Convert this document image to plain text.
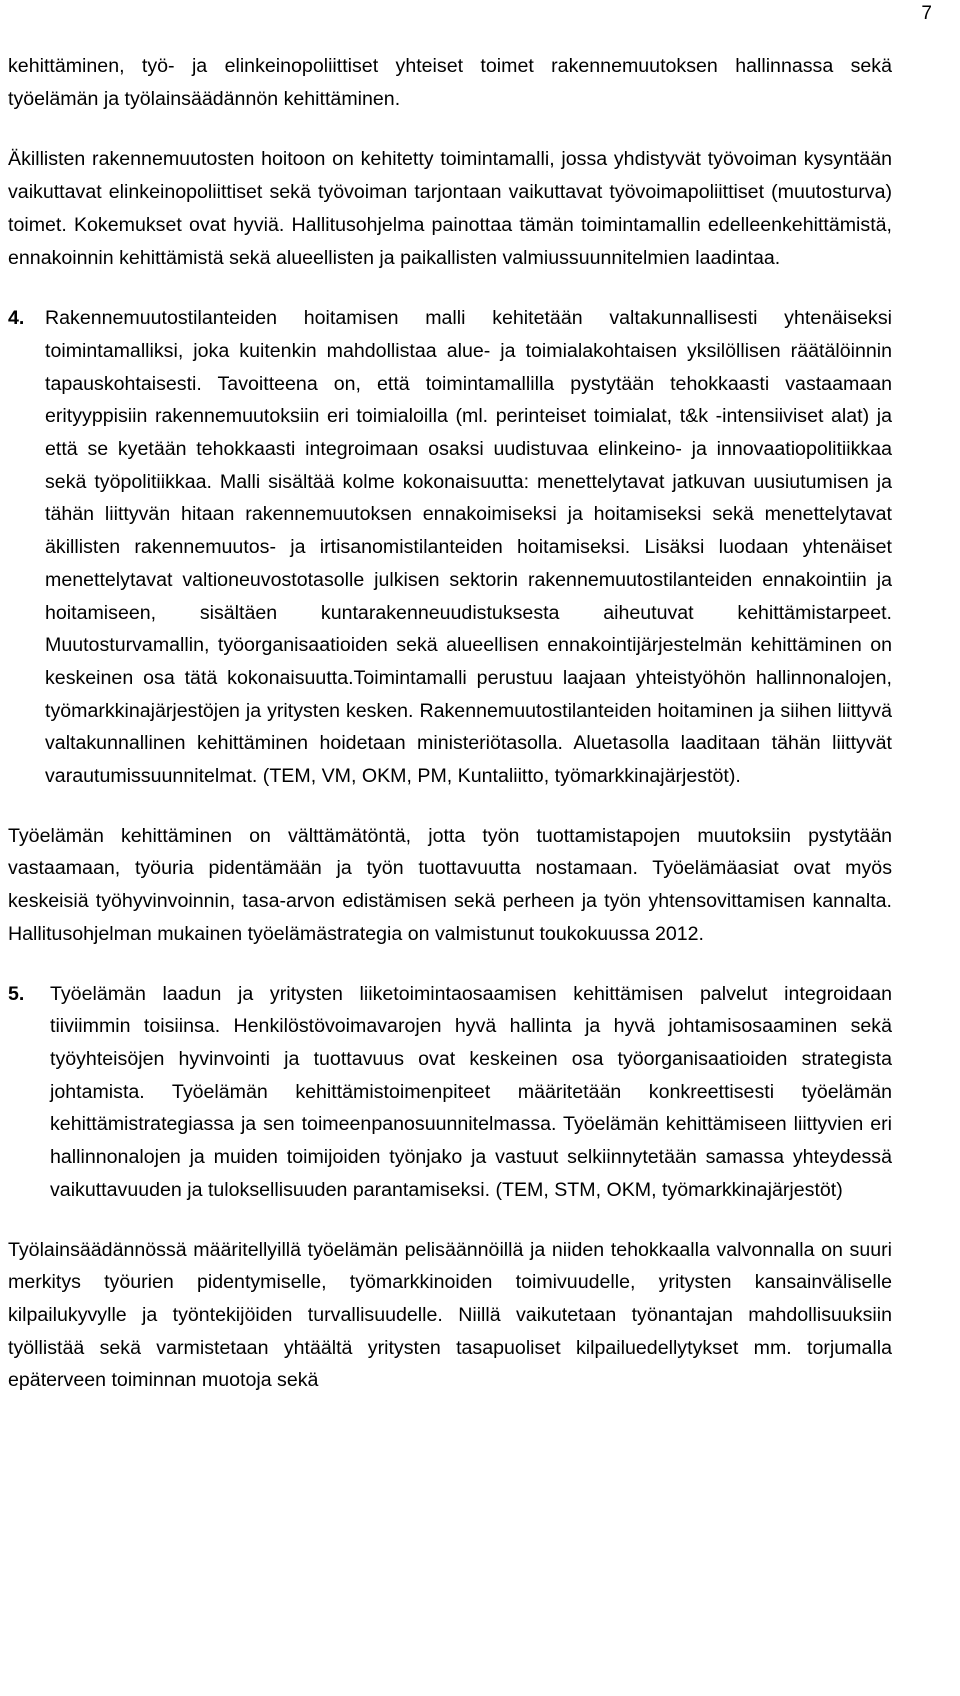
7

kehittäminen, työ- ja elinkeinopoliittiset yhteiset toimet rakennemuutoksen hallinnassa sekä työelämän ja työlainsäädännön kehittäminen.

Äkillisten rakennemuutosten hoitoon on kehitetty toimintamalli, jossa yhdistyvät työvoiman kysyntään vaikuttavat elinkeinopoliittiset sekä työvoiman tarjontaan vaikuttavat työvoimapoliittiset (muutosturva) toimet. Kokemukset ovat hyviä. Hallitusohjelma painottaa tämän toimintamallin edelleenkehittämistä, ennakoinnin kehittämistä sekä alueellisten ja paikallisten valmiussuunnitelmien laadintaa.

4. Rakennemuutostilanteiden hoitamisen malli kehitetään valtakunnallisesti yhtenäiseksi toimintamalliksi, joka kuitenkin mahdollistaa alue- ja toimialakohtaisen yksilöllisen räätälöinnin tapauskohtaisesti. Tavoitteena on, että toimintamallilla pystytään tehokkaasti vastaamaan erityyppisiin rakennemuutoksiin eri toimialoilla (ml. perinteiset toimialat, t&k -intensiiviset alat) ja että se kyetään tehokkaasti integroimaan osaksi uudistuvaa elinkeino- ja innovaatiopolitiikkaa sekä työpolitiikkaa. Malli sisältää kolme kokonaisuutta: menettelytavat jatkuvan uusiutumisen ja tähän liittyvän hitaan rakennemuutoksen ennakoimiseksi ja hoitamiseksi sekä menettelytavat äkillisten rakennemuutos- ja irtisanomistilanteiden hoitamiseksi. Lisäksi luodaan yhtenäiset menettelytavat valtioneuvostotasolle julkisen sektorin rakennemuutostilanteiden ennakointiin ja hoitamiseen, sisältäen kuntarakenneuudistuksesta aiheutuvat kehittämistarpeet. Muutosturvamallin, työorganisaatioiden sekä alueellisen ennakointijärjestelmän kehittäminen on keskeinen osa tätä kokonaisuutta.Toimintamalli perustuu laajaan yhteistyöhön hallinnonalojen, työmarkkinajärjestöjen ja yritysten kesken. Rakennemuutostilanteiden hoitaminen ja siihen liittyvä valtakunnallinen kehittäminen hoidetaan ministeriötasolla. Aluetasolla laaditaan tähän liittyvät varautumissuunnitelmat. (TEM, VM, OKM, PM, Kuntaliitto, työmarkkinajärjestöt).

Työelämän kehittäminen on välttämätöntä, jotta työn tuottamistapojen muutoksiin pystytään vastaamaan, työuria pidentämään ja työn tuottavuutta nostamaan. Työelämäasiat ovat myös keskeisiä työhyvinvoinnin, tasa-arvon edistämisen sekä perheen ja työn yhtensovittamisen kannalta. Hallitusohjelman mukainen työelämästrategia on valmistunut toukokuussa 2012.

5. Työelämän laadun ja yritysten liiketoimintaosaamisen kehittämisen palvelut integroidaan tiiviimmin toisiinsa. Henkilöstövoimavarojen hyvä hallinta ja hyvä johtamisosaaminen sekä työyhteisöjen hyvinvointi ja tuottavuus ovat keskeinen osa työorganisaatioiden strategista johtamista. Työelämän kehittämistoimenpiteet määritetään konkreettisesti työelämän kehittämistrategiassa ja sen toimeenpanosuunnitelmassa. Työelämän kehittämiseen liittyvien eri hallinnonalojen ja muiden toimijoiden työnjako ja vastuut selkiinnytetään samassa yhteydessä vaikuttavuuden ja tuloksellisuuden parantamiseksi. (TEM, STM, OKM, työmarkkinajärjestöt)

Työlainsäädännössä määritellyillä työelämän pelisäännöillä ja niiden tehokkaalla valvonnalla on suuri merkitys työurien pidentymiselle, työmarkkinoiden toimivuudelle, yritysten kansainväliselle kilpailukyvylle ja työntekijöiden turvallisuudelle. Niillä vaikutetaan työnantajan mahdollisuuksiin työllistää sekä varmistetaan yhtäältä yritysten tasapuoliset kilpailuedellytykset mm. torjumalla epäterveen toiminnan muotoja sekä
